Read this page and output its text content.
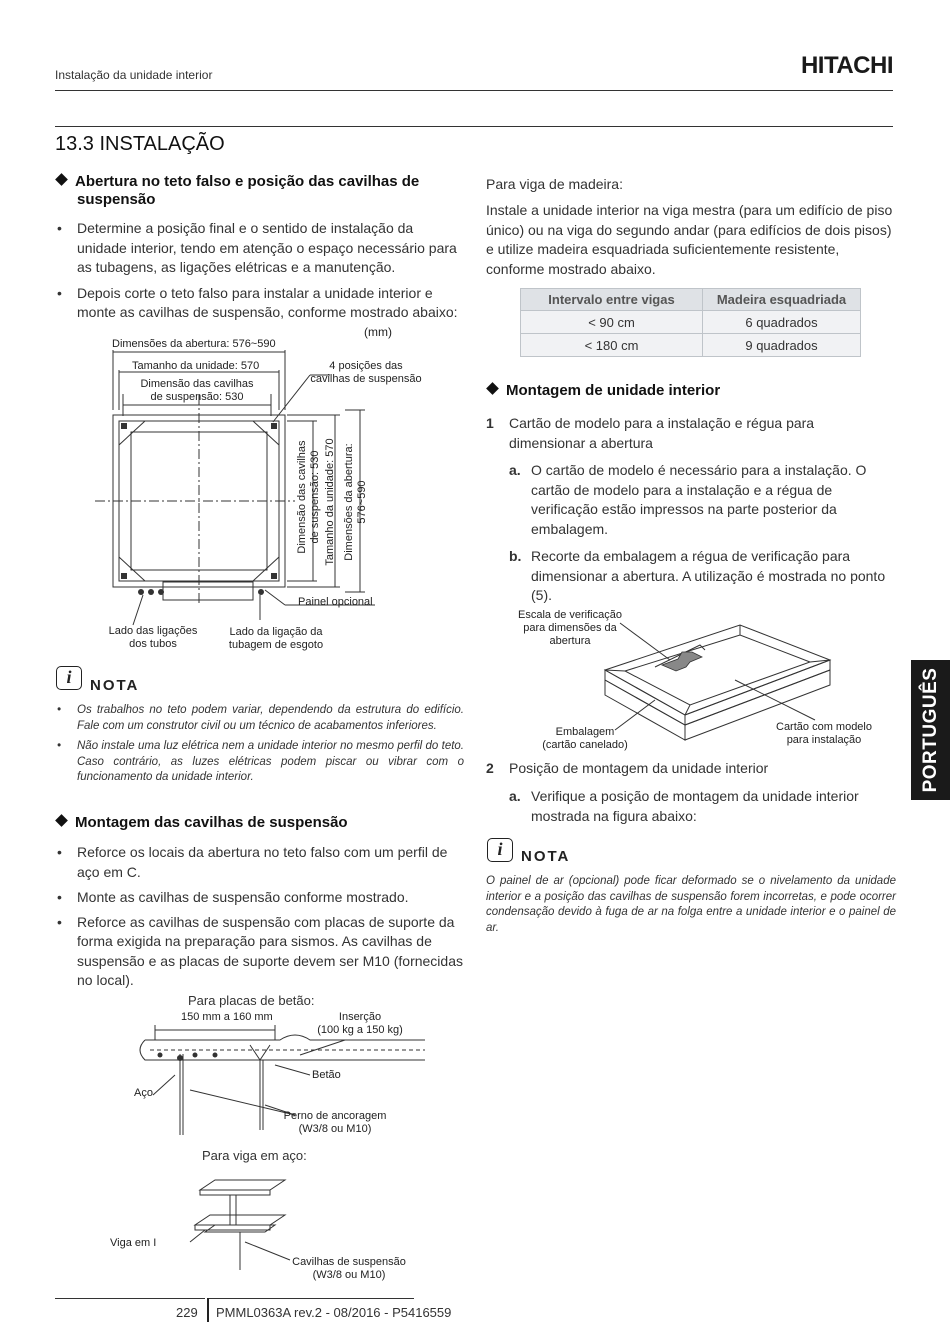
Instalação da unidade interior	HITACHI
13.3 INSTALAÇÃO
Abertura no teto falso e posição das cavilhas de suspensão
• Determine a posição final e o sentido de instalação da unidade interior, tendo em atenção o espaço necessário para as tubagens, as ligações elétricas e a manutenção.
• Depois corte o teto falso para instalar a unidade interior e monte as cavilhas de suspensão, conforme mostrado abaixo:
(mm)
Dimensões da abertura: 576~590
Tamanho da unidade: 570
Dimensão das cavilhas
de suspensão: 530
4 posições das
cavilhas de suspensão
Dimensão das cavilhas de suspensão: 530 Tamanho da unidade: 570 Dimensões da abertura: 576~590
Painel opcional
Lado das ligações
dos tubos
Lado da ligação da
tubagem de esgoto
i	NOTA
• Os trabalhos no teto podem variar, dependendo da estrutura do edifício. Fale com um construtor civil ou um técnico de acabamentos inferiores.
• Não instale uma luz elétrica nem a unidade interior no mesmo perfil do teto. Caso contrário, as luzes elétricas podem piscar ou vibrar com o funcionamento da unidade interior.
Montagem das cavilhas de suspensão
• Reforce os locais da abertura no teto falso com um perfil de aço em C.
• Monte as cavilhas de suspensão conforme mostrado.
• Reforce as cavilhas de suspensão com placas de suporte da forma exigida na preparação para sismos. As cavilhas de suspensão e as placas de suporte devem ser M10 (fornecidas no local).
Para placas de betão:
150 mm a 160 mm	Inserção
(100 kg a 150 kg)
Betão
Aço
Perno de ancoragem
(W3/8 ou M10)
Para viga em aço:
Viga em I
Cavilhas de suspensão
(W3/8 ou M10)
Para viga de madeira:
Instale a unidade interior na viga mestra (para um edifício de piso único) ou na viga do segundo andar (para edifícios de dois pisos) e utilize madeira esquadriada suficientemente resistente, conforme mostrado abaixo.
Intervalo entre vigas	Madeira esquadriada
< 90 cm	6 quadrados
< 180 cm	9 quadrados
Montagem de unidade interior
1 Cartão de modelo para a instalação e régua para dimensionar a abertura
a. O cartão de modelo é necessário para a instalação. O cartão de modelo para a instalação e a régua de verificação estão impressos na parte posterior da embalagem.
b. Recorte da embalagem a régua de verificação para dimensionar a abertura. A utilização é mostrada no ponto (5).
Escala de verificação
para dimensões da
abertura
Embalagem
(cartão canelado)
Cartão com modelo
para instalação
2 Posição de montagem da unidade interior
a. Verifique a posição de montagem da unidade interior mostrada na figura abaixo:
i	NOTA
O painel de ar (opcional) pode ficar deformado se o nivelamento da unidade interior e a posição das cavilhas de suspensão forem incorretas, e pode ocorrer condensação devido à fuga de ar na folga entre a unidade interior e o painel de ar.
PORTUGUÊS
229 PMML0363A rev.2 - 08/2016 - P5416559
